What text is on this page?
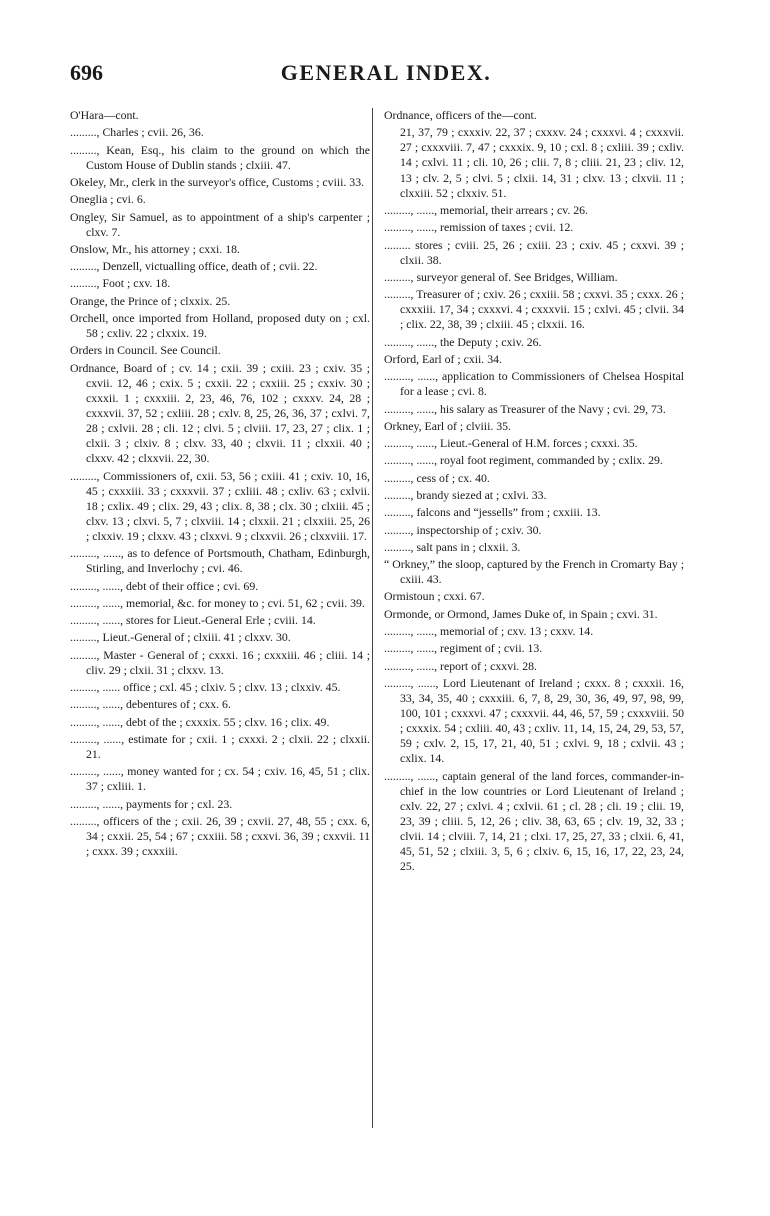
696	GENERAL INDEX.

O'Hara—cont.

........., Charles ; cvii. 26, 36.

........., Kean, Esq., his claim to the ground on which the Custom House of Dublin stands ; clxiii. 47.

Okeley, Mr., clerk in the surveyor's office, Customs ; cviii. 33.

Oneglia ; cvi. 6.

Ongley, Sir Samuel, as to appointment of a ship's carpenter ; clxv. 7.

Onslow, Mr., his attorney ; cxxi. 18.

........., Denzell, victualling office, death of ; cvii. 22.

........., Foot ; cxv. 18.

Orange, the Prince of ; clxxix. 25.

Orchell, once imported from Holland, proposed duty on ; cxl. 58 ; cxliv. 22 ; clxxix. 19.

Orders in Council. See Council.

Ordnance, Board of ; cv. 14 ; cxii. 39 ; cxiii. 23 ; cxiv. 35 ; cxvii. 12, 46 ; cxix. 5 ; cxxii. 22 ; cxxiii. 25 ; cxxiv. 30 ; cxxxii. 1 ; cxxxiii. 2, 23, 46, 76, 102 ; cxxxv. 24, 28 ; cxxxvii. 37, 52 ; cxliii. 28 ; cxlv. 8, 25, 26, 36, 37 ; cxlvi. 7, 28 ; cxlvii. 28 ; cli. 12 ; clvi. 5 ; clviii. 17, 23, 27 ; clix. 1 ; clxii. 3 ; clxiv. 8 ; clxv. 33, 40 ; clxvii. 11 ; clxxii. 40 ; clxxv. 42 ; clxxvii. 22, 30.

........., Commissioners of, cxii. 53, 56 ; cxiii. 41 ; cxiv. 10, 16, 45 ; cxxxiii. 33 ; cxxxvii. 37 ; cxliii. 48 ; cxliv. 63 ; cxlvii. 18 ; cxlix. 49 ; clix. 29, 43 ; clix. 8, 38 ; clx. 30 ; clxiii. 45 ; clxv. 13 ; clxvi. 5, 7 ; clxviii. 14 ; clxxii. 21 ; clxxiii. 25, 26 ; clxxiv. 19 ; clxxv. 43 ; clxxvi. 9 ; clxxvii. 26 ; clxxviii. 17.

........., ......, as to defence of Portsmouth, Chatham, Edinburgh, Stirling, and Inverlochy ; cvi. 46.

........., ......, debt of their office ; cvi. 69.

........., ......, memorial, &c. for money to ; cvi. 51, 62 ; cvii. 39.

........., ......, stores for Lieut.-General Erle ; cviii. 14.

........., Lieut.-General of ; clxiii. 41 ; clxxv. 30.

........., Master - General of ; cxxxi. 16 ; cxxxiii. 46 ; cliii. 14 ; cliv. 29 ; clxii. 31 ; clxxv. 13.

........., ...... office ; cxl. 45 ; clxiv. 5 ; clxv. 13 ; clxxiv. 45.

........., ......, debentures of ; cxx. 6.

........., ......, debt of the ; cxxxix. 55 ; clxv. 16 ; clix. 49.

........., ......, estimate for ; cxii. 1 ; cxxxi. 2 ; clxii. 22 ; clxxii. 21.

........., ......, money wanted for ; cx. 54 ; cxiv. 16, 45, 51 ; clix. 37 ; cxliii. 1.

........., ......, payments for ; cxl. 23.

........., officers of the ; cxii. 26, 39 ; cxvii. 27, 48, 55 ; cxx. 6, 34 ; cxxii. 25, 54 ; 67 ; cxxiii. 58 ; cxxvi. 36, 39 ; cxxvii. 11 ; cxxx. 39 ; cxxxiii.

Ordnance, officers of the—cont.

21, 37, 79 ; cxxxiv. 22, 37 ; cxxxv. 24 ; cxxxvi. 4 ; cxxxvii. 27 ; cxxxviii. 7, 47 ; cxxxix. 9, 10 ; cxl. 8 ; cxliii. 39 ; cxliv. 14 ; cxlvi. 11 ; cli. 10, 26 ; clii. 7, 8 ; cliii. 21, 23 ; cliv. 12, 13 ; clv. 2, 5 ; clvi. 5 ; clxii. 14, 31 ; clxv. 13 ; clxvii. 11 ; clxxiii. 52 ; clxxiv. 51.

........., ......, memorial, their arrears ; cv. 26.

........., ......, remission of taxes ; cvii. 12.

......... stores ; cviii. 25, 26 ; cxiii. 23 ; cxiv. 45 ; cxxvi. 39 ; clxii. 38.

........., surveyor general of. See Bridges, William.

........., Treasurer of ; cxiv. 26 ; cxxiii. 58 ; cxxvi. 35 ; cxxx. 26 ; cxxxiii. 17, 34 ; cxxxvi. 4 ; cxxxvii. 15 ; cxlvi. 45 ; clvii. 34 ; clix. 22, 38, 39 ; clxiii. 45 ; clxxii. 16.

........., ......, the Deputy ; cxiv. 26.

Orford, Earl of ; cxii. 34.

........., ......, application to Commissioners of Chelsea Hospital for a lease ; cvi. 8.

........., ......, his salary as Treasurer of the Navy ; cvi. 29, 73.

Orkney, Earl of ; clviii. 35.

........., ......, Lieut.-General of H.M. forces ; cxxxi. 35.

........., ......, royal foot regiment, commanded by ; cxlix. 29.

........., cess of ; cx. 40.

........., brandy siezed at ; cxlvi. 33.

........., falcons and “jessells” from ; cxxiii. 13.

........., inspectorship of ; cxiv. 30.

........., salt pans in ; clxxii. 3.

“ Orkney,” the sloop, captured by the French in Cromarty Bay ; cxiii. 43.

Ormistoun ; cxxi. 67.

Ormonde, or Ormond, James Duke of, in Spain ; cxvi. 31.

........., ......, memorial of ; cxv. 13 ; cxxv. 14.

........., ......, regiment of ; cvii. 13.

........., ......, report of ; cxxvi. 28.

........., ......, Lord Lieutenant of Ireland ; cxxx. 8 ; cxxxii. 16, 33, 34, 35, 40 ; cxxxiii. 6, 7, 8, 29, 30, 36, 49, 97, 98, 99, 100, 101 ; cxxxvi. 47 ; cxxxvii. 44, 46, 57, 59 ; cxxxviii. 50 ; cxxxix. 54 ; cxliii. 40, 43 ; cxliv. 11, 14, 15, 24, 29, 53, 57, 59 ; cxlv. 2, 15, 17, 21, 40, 51 ; cxlvi. 9, 18 ; cxlvii. 43 ; cxlix. 14.

........., ......, captain general of the land forces, commander-in-chief in the low countries or Lord Lieutenant of Ireland ; cxlv. 22, 27 ; cxlvi. 4 ; cxlvii. 61 ; cl. 28 ; cli. 19 ; clii. 19, 23, 39 ; cliii. 5, 12, 26 ; cliv. 38, 63, 65 ; clv. 19, 32, 33 ; clvii. 14 ; clviii. 7, 14, 21 ; clxi. 17, 25, 27, 33 ; clxii. 6, 41, 45, 51, 52 ; clxiii. 3, 5, 6 ; clxiv. 6, 15, 16, 17, 22, 23, 24, 25.
